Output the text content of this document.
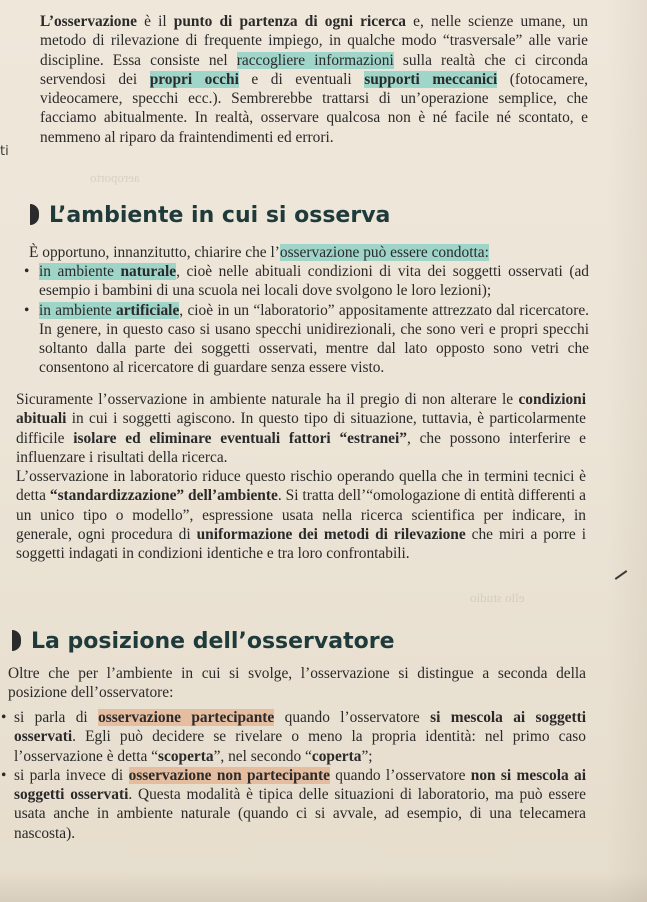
ello studio
aeroporto
ti

L’osservazione è il punto di partenza di ogni ricerca e, nelle scienze umane, un metodo di rilevazione di frequente impiego, in qualche modo “trasversale” alle varie discipline. Essa consiste nel raccogliere informazioni sulla realtà che ci circonda servendosi dei propri occhi e di eventuali supporti meccanici (fotocamere, videocamere, specchi ecc.). Sembrerebbe trattarsi di un’operazione semplice, che facciamo abitualmente. In realtà, osservare qualcosa non è né facile né scontato, e nemmeno al riparo da fraintendimenti ed errori.

L’ambiente in cui si osserva

È opportuno, innanzitutto, chiarire che l’osservazione può essere condotta:

• in ambiente naturale, cioè nelle abituali condizioni di vita dei soggetti osservati (ad esempio i bambini di una scuola nei locali dove svolgono le loro lezioni);
• in ambiente artificiale, cioè in un “laboratorio” appositamente attrezzato dal ricercatore. In genere, in questo caso si usano specchi unidirezionali, che sono veri e propri specchi soltanto dalla parte dei soggetti osservati, mentre dal lato opposto sono vetri che consentono al ricercatore di guardare senza essere visto.

Sicuramente l’osservazione in ambiente naturale ha il pregio di non alterare le condizioni abituali in cui i soggetti agiscono. In questo tipo di situazione, tuttavia, è particolarmente difficile isolare ed eliminare eventuali fattori “estranei”, che possono interferire e influenzare i risultati della ricerca.

L’osservazione in laboratorio riduce questo rischio operando quella che in termini tecnici è detta “standardizzazione” dell’ambiente. Si tratta dell’“omologazione di entità differenti a un unico tipo o modello”, espressione usata nella ricerca scientifica per indicare, in generale, ogni procedura di uniformazione dei metodi di rilevazione che miri a porre i soggetti indagati in condizioni identiche e tra loro confrontabili.

La posizione dell’osservatore

Oltre che per l’ambiente in cui si svolge, l’osservazione si distingue a seconda della posizione dell’osservatore:

• si parla di osservazione partecipante quando l’osservatore si mescola ai soggetti osservati. Egli può decidere se rivelare o meno la propria identità: nel primo caso l’osservazione è detta “scoperta”, nel secondo “coperta”;
• si parla invece di osservazione non partecipante quando l’osservatore non si mescola ai soggetti osservati. Questa modalità è tipica delle situazioni di laboratorio, ma può essere usata anche in ambiente naturale (quando ci si avvale, ad esempio, di una telecamera nascosta).
